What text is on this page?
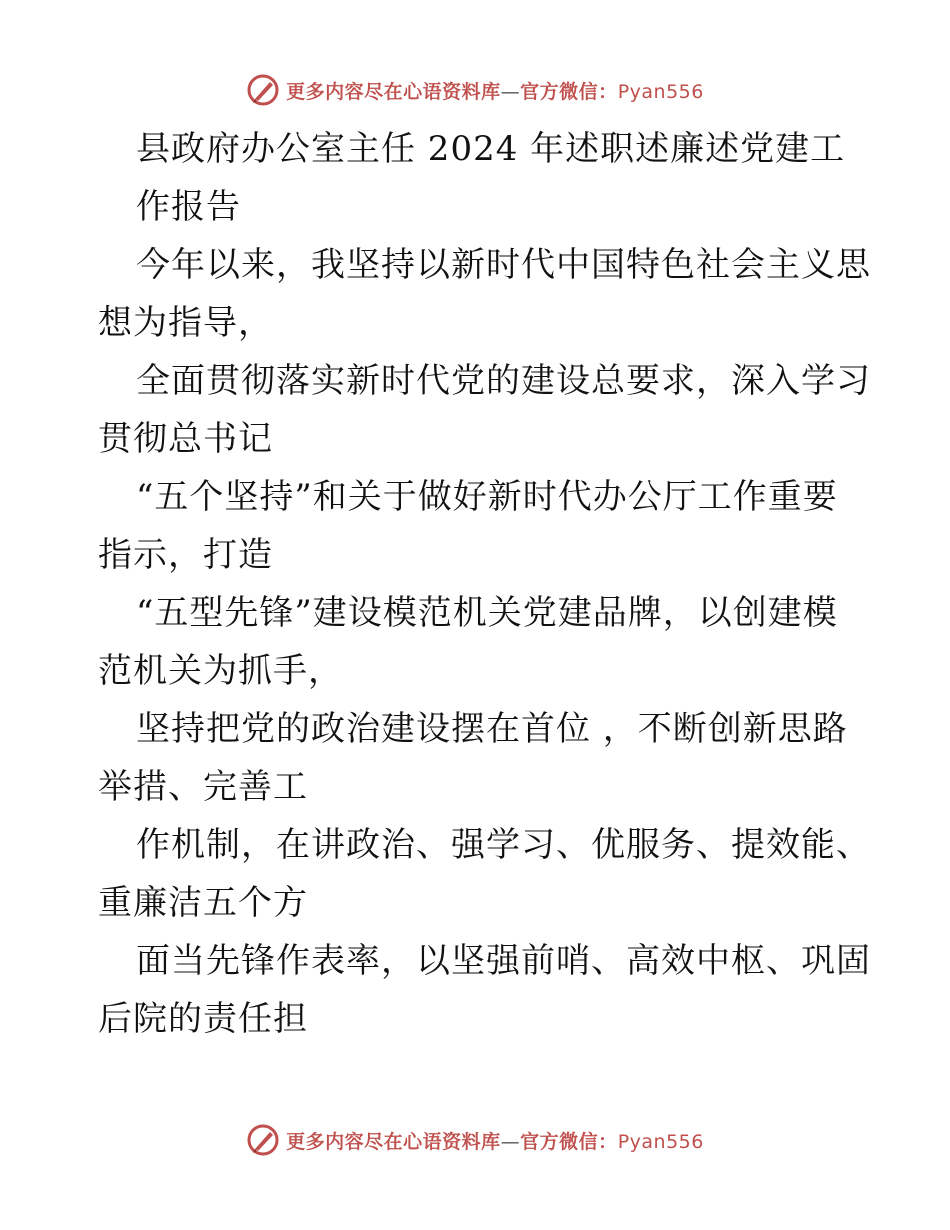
更多内容尽在心语资料库—官方微信：Pyan556
县政府办公室主任 2024 年述职述廉述党建工
作报告
今年以来，我坚持以新时代中国特色社会主义思
想为指导，
全面贯彻落实新时代党的建设总要求，深入学习
贯彻总书记
“五个坚持”和关于做好新时代办公厅工作重要
指示，打造
“五型先锋”建设模范机关党建品牌，以创建模
范机关为抓手，
坚持把党的政治建设摆在首位 ，不断创新思路
举措、完善工
作机制，在讲政治、强学习、优服务、提效能、
重廉洁五个方
面当先锋作表率，以坚强前哨、高效中枢、巩固
后院的责任担
更多内容尽在心语资料库—官方微信：Pyan556
